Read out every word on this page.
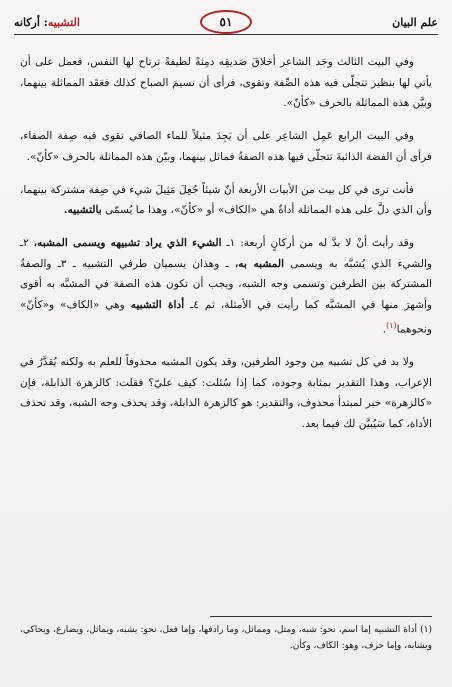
علم البيان
٥١
التشبيه: أركانه

وفي البيت الثالث وجَد الشاعر أخلاقَ صَديقِه دمِثةً لطيفةً ترتاح لها النفس، فعمل على أن يأتي لها بنظير تتجلّى فيه هذه الصِّفة وتقوى، فرأى أن نسيمَ الصباح كذلك فعَقَد المماثلة بينهما، وبيَّن هذه المماثلة بالحرف «كأنّ».

وفي البيت الرابع عَمِل الشاعِر على أن يَجِدَ مثيلاً للماء الصافي تقوى فيه صِفة الصفاء، فرأى أن الفضة الذائبةَ تتجلّى فيها هذه الصفةُ فماثل بينهما، وبيّن هذه المماثلة بالحرف «كأنّ».

فأنت ترى في كل بيت من الأبيات الأربعة أنّ شيئاً جُعِلَ مَثِيلَ شيء في صِفة مشتركة بينهما، وأن الذي دلَّ على هذه المماثلة أداةٌ هي «الكاف» أو «كأنّ»، وهذا ما يُسمّى بالتشبيه.

وقد رأيتَ أنْ لا بدَّ له من أركانٍ أربعة: ١ـ الشيء الذي يراد تشبيهه ويسمى المشبه، ٢ـ والشيء الذي يُشبَّه به ويسمى المشبه به، ـ وهذان يسميان طرفي التشبيه ـ ٣ـ والصفةُ المشتركة بين الطرفين وتسمى وجه الشبه، ويجب أن تكون هذه الصفة في المشبَّه به أقوى وأشهرَ منها في المشبَّه كما رأيت في الأمثلة، ثم ٤ـ أداة التشبيه وهي «الكاف» و«كأنّ» ونحوهما$^{(١)}$.

ولا بد في كل تشبيه من وجود الطرفين، وقد يكون المشبه محذوفاً للعلم به ولكنه يُقدَّرُ في الإعراب، وهذا التقدير بمثابة وجوده، كما إذا سُئلت: كيف عليّ؟ فقلت: كالزهرة الذابلة، فإن «كالزهرة» خبر لمبتدأ محذوف، والتقدير: هو كالزهرة الذابلة، وقد يحذف وجه الشبه، وقد تحذف الأداة، كما سَيُبيَّن لك فيما بعد.

(١) أداة التشبيه إما اسم، نحو: شبه، ومثل، ومماثل، وما رادفها، وإما فعل، نحو: يشبه، ويماثل، ويضارع، ويحاكي، ويشابه، وإما حرف، وهو: الكاف، وكأن.
